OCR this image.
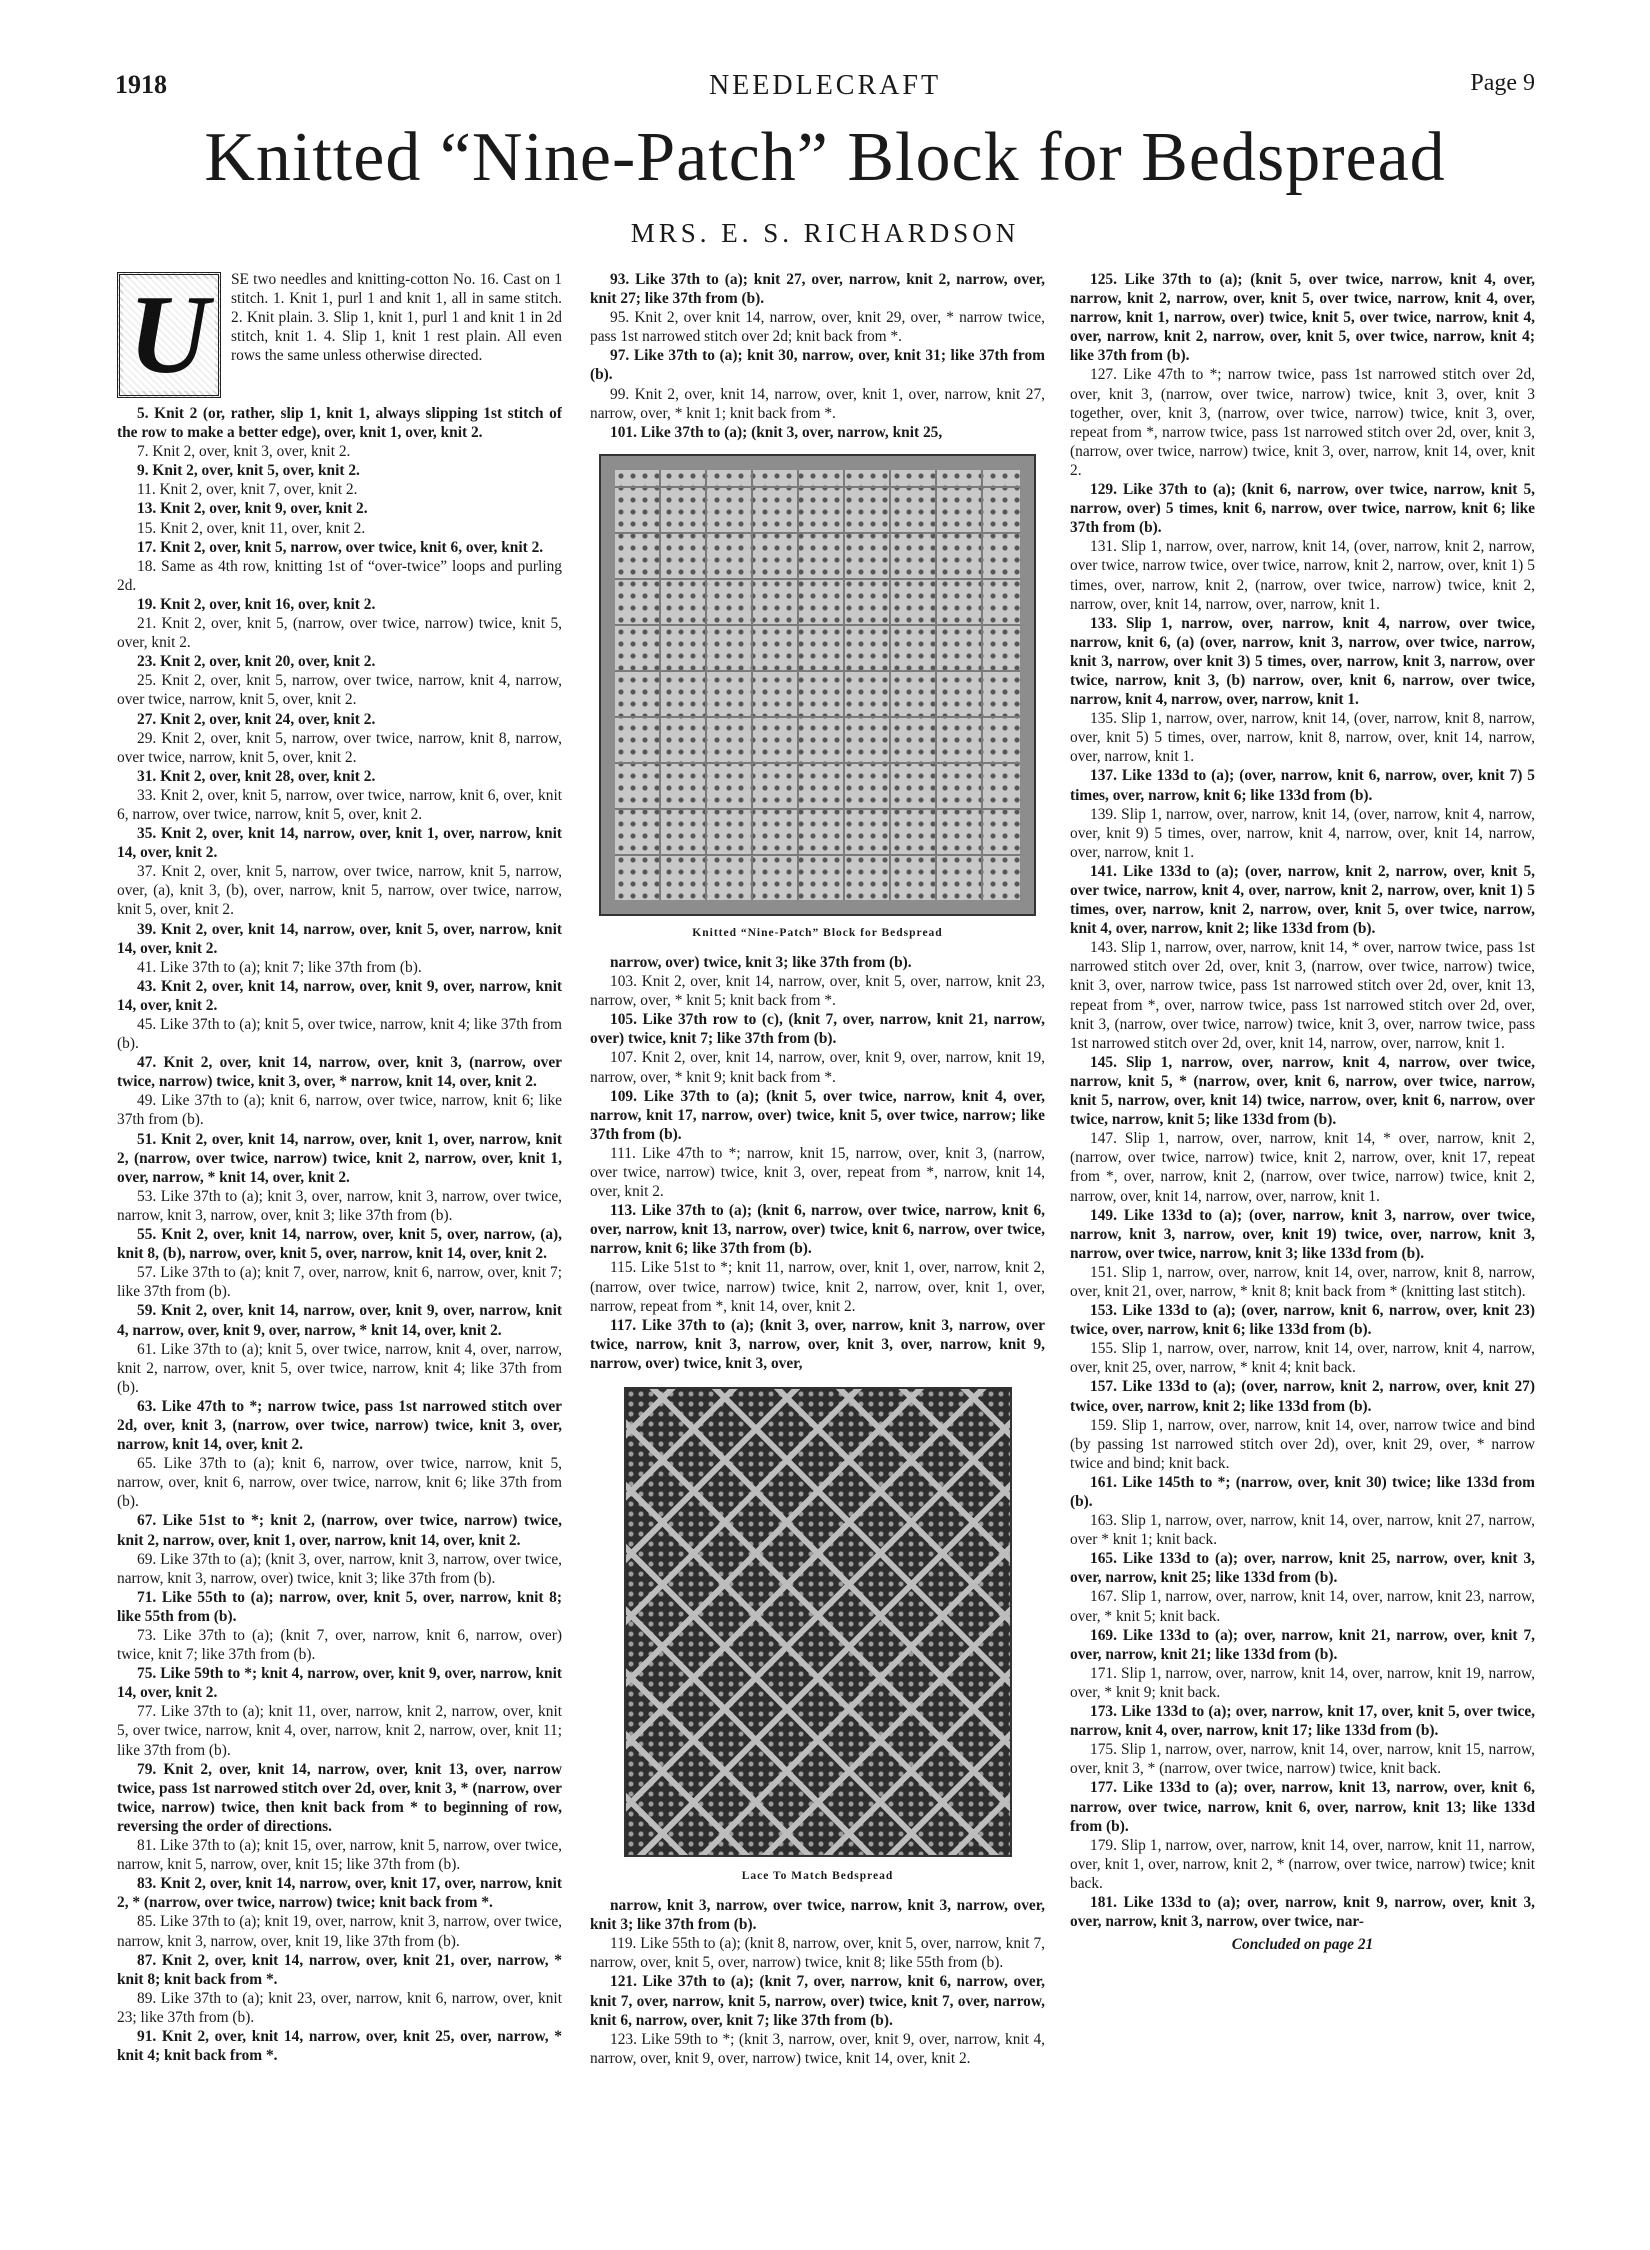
1918	NEEDLECRAFT	Page 9
Knitted “Nine-Patch” Block for Bedspread
MRS. E. S. RICHARDSON
U	SE two needles and knitting-cotton No. 16. Cast on 1 stitch. 1. Knit 1, purl 1 and knit 1, all in same stitch. 2. Knit plain. 3. Slip 1, knit 1, purl 1 and knit 1 in 2d stitch, knit 1. 4. Slip 1, knit 1 rest plain. All even rows the same unless otherwise directed.

5. Knit 2 (or, rather, slip 1, knit 1, always slipping 1st stitch of the row to make a better edge), over, knit 1, over, knit 2.

7. Knit 2, over, knit 3, over, knit 2.

9. Knit 2, over, knit 5, over, knit 2.

11. Knit 2, over, knit 7, over, knit 2.

13. Knit 2, over, knit 9, over, knit 2.

15. Knit 2, over, knit 11, over, knit 2.

17. Knit 2, over, knit 5, narrow, over twice, knit 6, over, knit 2.

18. Same as 4th row, knitting 1st of “over-twice” loops and purling 2d.

19. Knit 2, over, knit 16, over, knit 2.

21. Knit 2, over, knit 5, (narrow, over twice, narrow) twice, knit 5, over, knit 2.

23. Knit 2, over, knit 20, over, knit 2.

25. Knit 2, over, knit 5, narrow, over twice, narrow, knit 4, narrow, over twice, narrow, knit 5, over, knit 2.

27. Knit 2, over, knit 24, over, knit 2.

29. Knit 2, over, knit 5, narrow, over twice, narrow, knit 8, narrow, over twice, narrow, knit 5, over, knit 2.

31. Knit 2, over, knit 28, over, knit 2.

33. Knit 2, over, knit 5, narrow, over twice, narrow, knit 6, over, knit 6, narrow, over twice, narrow, knit 5, over, knit 2.

35. Knit 2, over, knit 14, narrow, over, knit 1, over, narrow, knit 14, over, knit 2.

37. Knit 2, over, knit 5, narrow, over twice, narrow, knit 5, narrow, over, (a), knit 3, (b), over, narrow, knit 5, narrow, over twice, narrow, knit 5, over, knit 2.

39. Knit 2, over, knit 14, narrow, over, knit 5, over, narrow, knit 14, over, knit 2.

41. Like 37th to (a); knit 7; like 37th from (b).

43. Knit 2, over, knit 14, narrow, over, knit 9, over, narrow, knit 14, over, knit 2.

45. Like 37th to (a); knit 5, over twice, narrow, knit 4; like 37th from (b).

47. Knit 2, over, knit 14, narrow, over, knit 3, (narrow, over twice, narrow) twice, knit 3, over, * narrow, knit 14, over, knit 2.

49. Like 37th to (a); knit 6, narrow, over twice, narrow, knit 6; like 37th from (b).

51. Knit 2, over, knit 14, narrow, over, knit 1, over, narrow, knit 2, (narrow, over twice, narrow) twice, knit 2, narrow, over, knit 1, over, narrow, * knit 14, over, knit 2.

53. Like 37th to (a); knit 3, over, narrow, knit 3, narrow, over twice, narrow, knit 3, narrow, over, knit 3; like 37th from (b).

55. Knit 2, over, knit 14, narrow, over, knit 5, over, narrow, (a), knit 8, (b), narrow, over, knit 5, over, narrow, knit 14, over, knit 2.

57. Like 37th to (a); knit 7, over, narrow, knit 6, narrow, over, knit 7; like 37th from (b).

59. Knit 2, over, knit 14, narrow, over, knit 9, over, narrow, knit 4, narrow, over, knit 9, over, narrow, * knit 14, over, knit 2.

61. Like 37th to (a); knit 5, over twice, narrow, knit 4, over, narrow, knit 2, narrow, over, knit 5, over twice, narrow, knit 4; like 37th from (b).

63. Like 47th to *; narrow twice, pass 1st narrowed stitch over 2d, over, knit 3, (narrow, over twice, narrow) twice, knit 3, over, narrow, knit 14, over, knit 2.

65. Like 37th to (a); knit 6, narrow, over twice, narrow, knit 5, narrow, over, knit 6, narrow, over twice, narrow, knit 6; like 37th from (b).

67. Like 51st to *; knit 2, (narrow, over twice, narrow) twice, knit 2, narrow, over, knit 1, over, narrow, knit 14, over, knit 2.

69. Like 37th to (a); (knit 3, over, narrow, knit 3, narrow, over twice, narrow, knit 3, narrow, over) twice, knit 3; like 37th from (b).

71. Like 55th to (a); narrow, over, knit 5, over, narrow, knit 8; like 55th from (b).

73. Like 37th to (a); (knit 7, over, narrow, knit 6, narrow, over) twice, knit 7; like 37th from (b).

75. Like 59th to *; knit 4, narrow, over, knit 9, over, narrow, knit 14, over, knit 2.

77. Like 37th to (a); knit 11, over, narrow, knit 2, narrow, over, knit 5, over twice, narrow, knit 4, over, narrow, knit 2, narrow, over, knit 11; like 37th from (b).

79. Knit 2, over, knit 14, narrow, over, knit 13, over, narrow twice, pass 1st narrowed stitch over 2d, over, knit 3, * (narrow, over twice, narrow) twice, then knit back from * to beginning of row, reversing the order of directions.

81. Like 37th to (a); knit 15, over, narrow, knit 5, narrow, over twice, narrow, knit 5, narrow, over, knit 15; like 37th from (b).

83. Knit 2, over, knit 14, narrow, over, knit 17, over, narrow, knit 2, * (narrow, over twice, narrow) twice; knit back from *.

85. Like 37th to (a); knit 19, over, narrow, knit 3, narrow, over twice, narrow, knit 3, narrow, over, knit 19, like 37th from (b).

87. Knit 2, over, knit 14, narrow, over, knit 21, over, narrow, * knit 8; knit back from *.

89. Like 37th to (a); knit 23, over, narrow, knit 6, narrow, over, knit 23; like 37th from (b).

91. Knit 2, over, knit 14, narrow, over, knit 25, over, narrow, * knit 4; knit back from *.

93. Like 37th to (a); knit 27, over, narrow, knit 2, narrow, over, knit 27; like 37th from (b).

95. Knit 2, over knit 14, narrow, over, knit 29, over, * narrow twice, pass 1st narrowed stitch over 2d; knit back from *.

97. Like 37th to (a); knit 30, narrow, over, knit 31; like 37th from (b).

99. Knit 2, over, knit 14, narrow, over, knit 1, over, narrow, knit 27, narrow, over, * knit 1; knit back from *.

101. Like 37th to (a); (knit 3, over, narrow, knit 25,

Knitted “Nine-Patch” Block for Bedspread

narrow, over) twice, knit 3; like 37th from (b).

103. Knit 2, over, knit 14, narrow, over, knit 5, over, narrow, knit 23, narrow, over, * knit 5; knit back from *.

105. Like 37th row to (c), (knit 7, over, narrow, knit 21, narrow, over) twice, knit 7; like 37th from (b).

107. Knit 2, over, knit 14, narrow, over, knit 9, over, narrow, knit 19, narrow, over, * knit 9; knit back from *.

109. Like 37th to (a); (knit 5, over twice, narrow, knit 4, over, narrow, knit 17, narrow, over) twice, knit 5, over twice, narrow; like 37th from (b).

111. Like 47th to *; narrow, knit 15, narrow, over, knit 3, (narrow, over twice, narrow) twice, knit 3, over, repeat from *, narrow, knit 14, over, knit 2.

113. Like 37th to (a); (knit 6, narrow, over twice, narrow, knit 6, over, narrow, knit 13, narrow, over) twice, knit 6, narrow, over twice, narrow, knit 6; like 37th from (b).

115. Like 51st to *; knit 11, narrow, over, knit 1, over, narrow, knit 2, (narrow, over twice, narrow) twice, knit 2, narrow, over, knit 1, over, narrow, repeat from *, knit 14, over, knit 2.

117. Like 37th to (a); (knit 3, over, narrow, knit 3, narrow, over twice, narrow, knit 3, narrow, over, knit 3, over, narrow, knit 9, narrow, over) twice, knit 3, over,

Lace To Match Bedspread

narrow, knit 3, narrow, over twice, narrow, knit 3, narrow, over, knit 3; like 37th from (b).

119. Like 55th to (a); (knit 8, narrow, over, knit 5, over, narrow, knit 7, narrow, over, knit 5, over, narrow) twice, knit 8; like 55th from (b).

121. Like 37th to (a); (knit 7, over, narrow, knit 6, narrow, over, knit 7, over, narrow, knit 5, narrow, over) twice, knit 7, over, narrow, knit 6, narrow, over, knit 7; like 37th from (b).

123. Like 59th to *; (knit 3, narrow, over, knit 9, over, narrow, knit 4, narrow, over, knit 9, over, narrow) twice, knit 14, over, knit 2.

125. Like 37th to (a); (knit 5, over twice, narrow, knit 4, over, narrow, knit 2, narrow, over, knit 5, over twice, narrow, knit 4, over, narrow, knit 1, narrow, over) twice, knit 5, over twice, narrow, knit 4, over, narrow, knit 2, narrow, over, knit 5, over twice, narrow, knit 4; like 37th from (b).

127. Like 47th to *; narrow twice, pass 1st narrowed stitch over 2d, over, knit 3, (narrow, over twice, narrow) twice, knit 3, over, knit 3 together, over, knit 3, (narrow, over twice, narrow) twice, knit 3, over, repeat from *, narrow twice, pass 1st narrowed stitch over 2d, over, knit 3, (narrow, over twice, narrow) twice, knit 3, over, narrow, knit 14, over, knit 2.

129. Like 37th to (a); (knit 6, narrow, over twice, narrow, knit 5, narrow, over) 5 times, knit 6, narrow, over twice, narrow, knit 6; like 37th from (b).

131. Slip 1, narrow, over, narrow, knit 14, (over, narrow, knit 2, narrow, over twice, narrow twice, over twice, narrow, knit 2, narrow, over, knit 1) 5 times, over, narrow, knit 2, (narrow, over twice, narrow) twice, knit 2, narrow, over, knit 14, narrow, over, narrow, knit 1.

133. Slip 1, narrow, over, narrow, knit 4, narrow, over twice, narrow, knit 6, (a) (over, narrow, knit 3, narrow, over twice, narrow, knit 3, narrow, over knit 3) 5 times, over, narrow, knit 3, narrow, over twice, narrow, knit 3, (b) narrow, over, knit 6, narrow, over twice, narrow, knit 4, narrow, over, narrow, knit 1.

135. Slip 1, narrow, over, narrow, knit 14, (over, narrow, knit 8, narrow, over, knit 5) 5 times, over, narrow, knit 8, narrow, over, knit 14, narrow, over, narrow, knit 1.

137. Like 133d to (a); (over, narrow, knit 6, narrow, over, knit 7) 5 times, over, narrow, knit 6; like 133d from (b).

139. Slip 1, narrow, over, narrow, knit 14, (over, narrow, knit 4, narrow, over, knit 9) 5 times, over, narrow, knit 4, narrow, over, knit 14, narrow, over, narrow, knit 1.

141. Like 133d to (a); (over, narrow, knit 2, narrow, over, knit 5, over twice, narrow, knit 4, over, narrow, knit 2, narrow, over, knit 1) 5 times, over, narrow, knit 2, narrow, over, knit 5, over twice, narrow, knit 4, over, narrow, knit 2; like 133d from (b).

143. Slip 1, narrow, over, narrow, knit 14, * over, narrow twice, pass 1st narrowed stitch over 2d, over, knit 3, (narrow, over twice, narrow) twice, knit 3, over, narrow twice, pass 1st narrowed stitch over 2d, over, knit 13, repeat from *, over, narrow twice, pass 1st narrowed stitch over 2d, over, knit 3, (narrow, over twice, narrow) twice, knit 3, over, narrow twice, pass 1st narrowed stitch over 2d, over, knit 14, narrow, over, narrow, knit 1.

145. Slip 1, narrow, over, narrow, knit 4, narrow, over twice, narrow, knit 5, * (narrow, over, knit 6, narrow, over twice, narrow, knit 5, narrow, over, knit 14) twice, narrow, over, knit 6, narrow, over twice, narrow, knit 5; like 133d from (b).

147. Slip 1, narrow, over, narrow, knit 14, * over, narrow, knit 2, (narrow, over twice, narrow) twice, knit 2, narrow, over, knit 17, repeat from *, over, narrow, knit 2, (narrow, over twice, narrow) twice, knit 2, narrow, over, knit 14, narrow, over, narrow, knit 1.

149. Like 133d to (a); (over, narrow, knit 3, narrow, over twice, narrow, knit 3, narrow, over, knit 19) twice, over, narrow, knit 3, narrow, over twice, narrow, knit 3; like 133d from (b).

151. Slip 1, narrow, over, narrow, knit 14, over, narrow, knit 8, narrow, over, knit 21, over, narrow, * knit 8; knit back from * (knitting last stitch).

153. Like 133d to (a); (over, narrow, knit 6, narrow, over, knit 23) twice, over, narrow, knit 6; like 133d from (b).

155. Slip 1, narrow, over, narrow, knit 14, over, narrow, knit 4, narrow, over, knit 25, over, narrow, * knit 4; knit back.

157. Like 133d to (a); (over, narrow, knit 2, narrow, over, knit 27) twice, over, narrow, knit 2; like 133d from (b).

159. Slip 1, narrow, over, narrow, knit 14, over, narrow twice and bind (by passing 1st narrowed stitch over 2d), over, knit 29, over, * narrow twice and bind; knit back.

161. Like 145th to *; (narrow, over, knit 30) twice; like 133d from (b).

163. Slip 1, narrow, over, narrow, knit 14, over, narrow, knit 27, narrow, over * knit 1; knit back.

165. Like 133d to (a); over, narrow, knit 25, narrow, over, knit 3, over, narrow, knit 25; like 133d from (b).

167. Slip 1, narrow, over, narrow, knit 14, over, narrow, knit 23, narrow, over, * knit 5; knit back.

169. Like 133d to (a); over, narrow, knit 21, narrow, over, knit 7, over, narrow, knit 21; like 133d from (b).

171. Slip 1, narrow, over, narrow, knit 14, over, narrow, knit 19, narrow, over, * knit 9; knit back.

173. Like 133d to (a); over, narrow, knit 17, over, knit 5, over twice, narrow, knit 4, over, narrow, knit 17; like 133d from (b).

175. Slip 1, narrow, over, narrow, knit 14, over, narrow, knit 15, narrow, over, knit 3, * (narrow, over twice, narrow) twice, knit back.

177. Like 133d to (a); over, narrow, knit 13, narrow, over, knit 6, narrow, over twice, narrow, knit 6, over, narrow, knit 13; like 133d from (b).

179. Slip 1, narrow, over, narrow, knit 14, over, narrow, knit 11, narrow, over, knit 1, over, narrow, knit 2, * (narrow, over twice, narrow) twice; knit back.

181. Like 133d to (a); over, narrow, knit 9, narrow, over, knit 3, over, narrow, knit 3, narrow, over twice, nar-

Concluded on page 21
